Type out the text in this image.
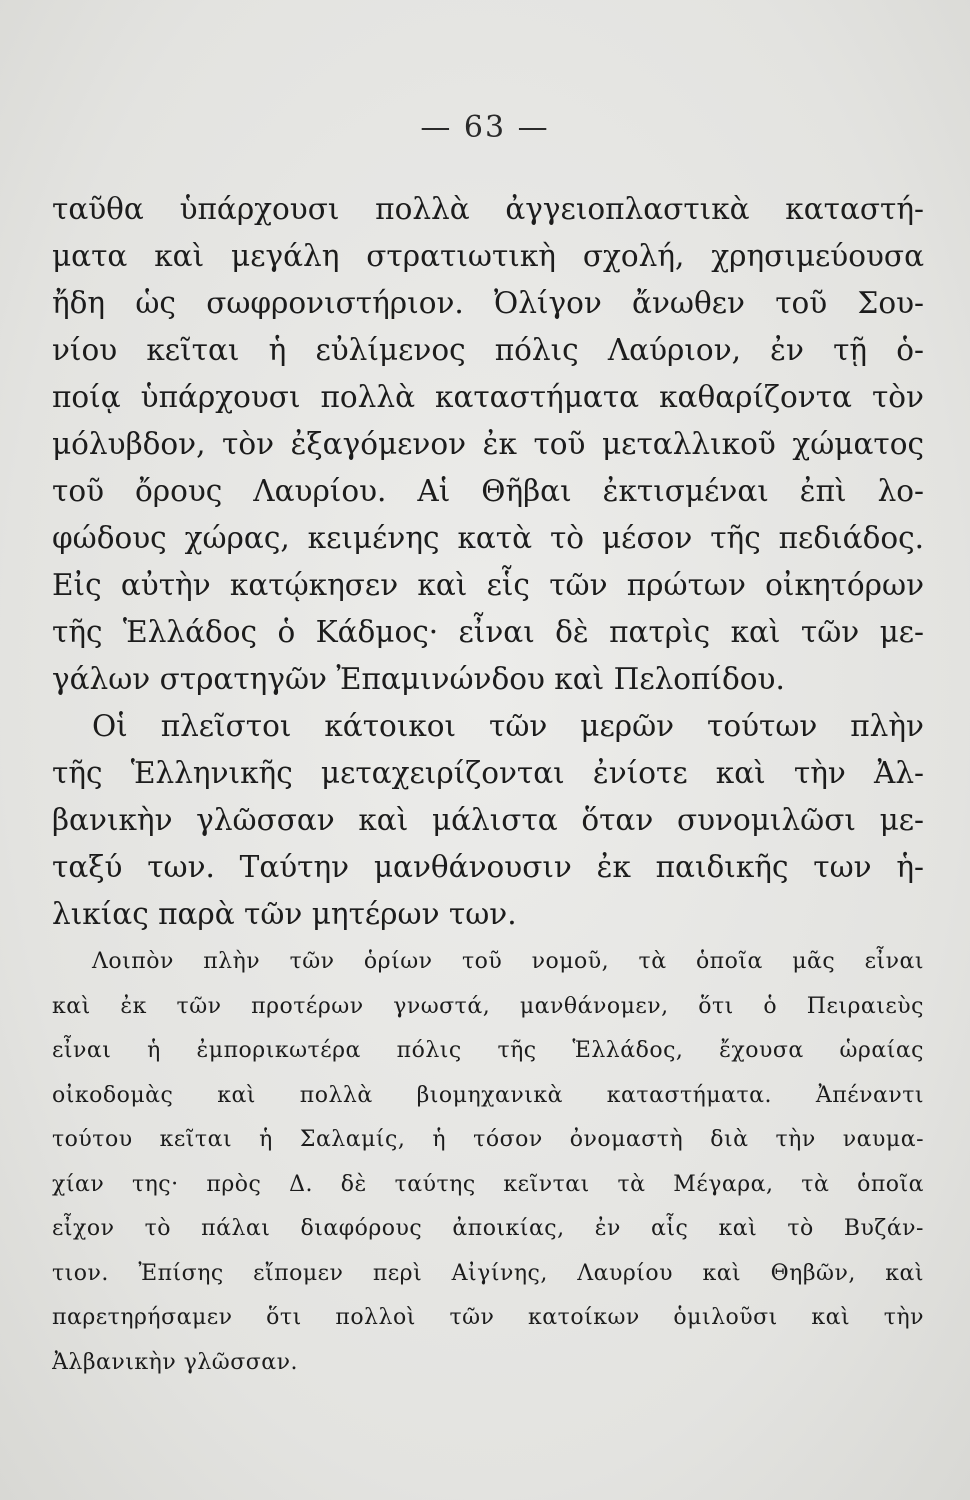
— 63 —
ταῦθα ὑπάρχουσι πολλὰ ἀγγειοπλαστικὰ καταστή-
ματα καὶ μεγάλη στρατιωτικὴ σχολή, χρησιμεύουσα
ἤδη ὡς σωφρονιστήριον. Ὀλίγον ἄνωθεν τοῦ Σου-
νίου κεῖται ἡ εὐλίμενος πόλις Λαύριον, ἐν τῇ ὁ-
ποίᾳ ὑπάρχουσι πολλὰ καταστήματα καθαρίζοντα τὸν
μόλυβδον, τὸν ἐξαγόμενον ἐκ τοῦ μεταλλικοῦ χώματος
τοῦ ὄρους Λαυρίου. Αἱ Θῆβαι ἐκτισμέναι ἐπὶ λο-
φώδους χώρας, κειμένης κατὰ τὸ μέσον τῆς πεδιάδος.
Εἰς αὐτὴν κατῴκησεν καὶ εἷς τῶν πρώτων οἰκητόρων
τῆς Ἑλλάδος ὁ Κάδμος· εἶναι δὲ πατρὶς καὶ τῶν με-
γάλων στρατηγῶν Ἐπαμινώνδου καὶ Πελοπίδου.
Οἱ πλεῖστοι κάτοικοι τῶν μερῶν τούτων πλὴν
τῆς Ἑλληνικῆς μεταχειρίζονται ἐνίοτε καὶ τὴν Ἀλ-
βανικὴν γλῶσσαν καὶ μάλιστα ὅταν συνομιλῶσι με-
ταξύ των. Ταύτην μανθάνουσιν ἐκ παιδικῆς των ἡ-
λικίας παρὰ τῶν μητέρων των.
Λοιπὸν πλὴν τῶν ὁρίων τοῦ νομοῦ, τὰ ὁποῖα μᾶς εἶναι
καὶ ἐκ τῶν προτέρων γνωστά, μανθάνομεν, ὅτι ὁ Πειραιεὺς
εἶναι ἡ ἐμπορικωτέρα πόλις τῆς Ἑλλάδος, ἔχουσα ὡραίας
οἰκοδομὰς καὶ πολλὰ βιομηχανικὰ καταστήματα. Ἀπέναντι
τούτου κεῖται ἡ Σαλαμίς, ἡ τόσον ὀνομαστὴ διὰ τὴν ναυμα-
χίαν της· πρὸς Δ. δὲ ταύτης κεῖνται τὰ Μέγαρα, τὰ ὁποῖα
εἶχον τὸ πάλαι διαφόρους ἀποικίας, ἐν αἷς καὶ τὸ Βυζάν-
τιον. Ἐπίσης εἴπομεν περὶ Αἰγίνης, Λαυρίου καὶ Θηβῶν, καὶ
παρετηρήσαμεν ὅτι πολλοὶ τῶν κατοίκων ὁμιλοῦσι καὶ τὴν
Ἀλβανικὴν γλῶσσαν.
